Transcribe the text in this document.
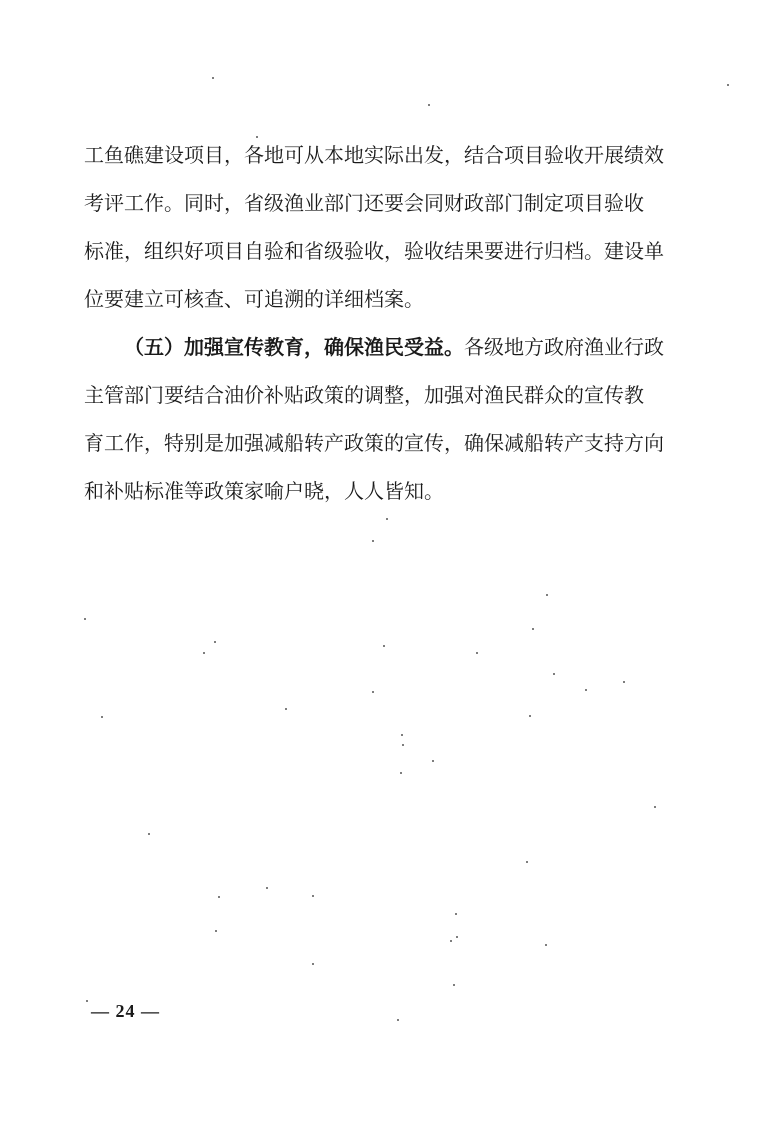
工鱼礁建设项目，各地可从本地实际出发，结合项目验收开展绩效
考评工作。同时，省级渔业部门还要会同财政部门制定项目验收
标准，组织好项目自验和省级验收，验收结果要进行归档。建设单
位要建立可核查、可追溯的详细档案。
（五）加强宣传教育，确保渔民受益。 各级地方政府渔业行政
主管部门要结合油价补贴政策的调整，加强对渔民群众的宣传教
育工作，特别是加强减船转产政策的宣传，确保减船转产支持方向
和补贴标准等政策家喻户晓，人人皆知。
— 24 —
